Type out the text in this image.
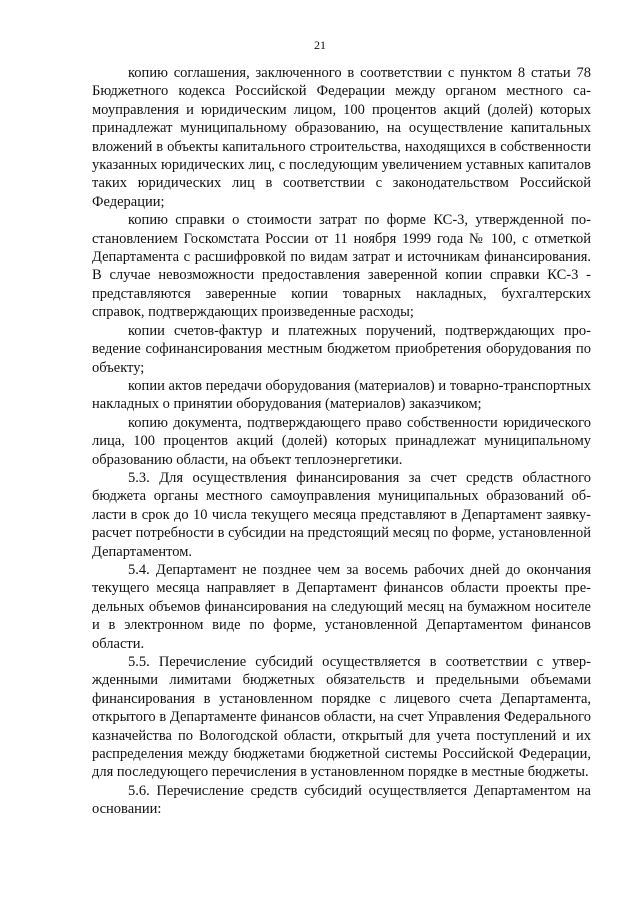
21

копию соглашения, заключенного в соответствии с пунктом 8 статьи 78 Бюджетного кодекса Российской Федерации между органом местного самоуправления и юридическим лицом, 100 процентов акций (долей) которых принадлежат муниципальному образованию, на осуществление капитальных вложений в объекты капитального строительства, находящихся в собственности указанных юридических лиц, с последующим увеличением уставных капиталов таких юридических лиц в соответствии с законодательством Российской Федерации;

копию справки о стоимости затрат по форме КС-3, утвержденной постановлением Госкомстата России от 11 ноября 1999 года № 100, с отметкой Департамента с расшифровкой по видам затрат и источникам финансирования. В случае невозможности предоставления заверенной копии справки КС-3 - представляются заверенные копии товарных накладных, бухгалтерских справок, подтверждающих произведенные расходы;

копии счетов-фактур и платежных поручений, подтверждающих проведение софинансирования местным бюджетом приобретения оборудования по объекту;

копии актов передачи оборудования (материалов) и товарно-транспортных накладных о принятии оборудования (материалов) заказчиком;

копию документа, подтверждающего право собственности юридического лица, 100 процентов акций (долей) которых принадлежат муниципальному образованию области, на объект теплоэнергетики.

5.3. Для осуществления финансирования за счет средств областного бюджета органы местного самоуправления муниципальных образований области в срок до 10 числа текущего месяца представляют в Департамент заявку-расчет потребности в субсидии на предстоящий месяц по форме, установленной Департаментом.

5.4. Департамент не позднее чем за восемь рабочих дней до окончания текущего месяца направляет в Департамент финансов области проекты предельных объемов финансирования на следующий месяц на бумажном носителе и в электронном виде по форме, установленной Департаментом финансов области.

5.5. Перечисление субсидий осуществляется в соответствии с утвержденными лимитами бюджетных обязательств и предельными объемами финансирования в установленном порядке с лицевого счета Департамента, открытого в Департаменте финансов области, на счет Управления Федерального казначейства по Вологодской области, открытый для учета поступлений и их распределения между бюджетами бюджетной системы Российской Федерации, для последующего перечисления в установленном порядке в местные бюджеты.

5.6. Перечисление средств субсидий осуществляется Департаментом на основании:
